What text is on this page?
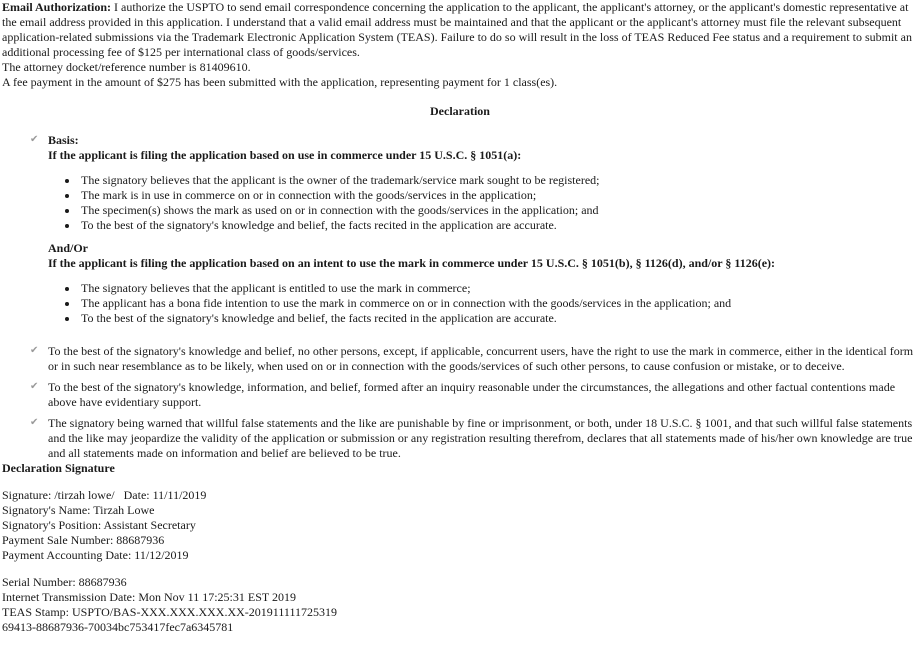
Email Authorization: I authorize the USPTO to send email correspondence concerning the application to the applicant, the applicant's attorney, or the applicant's domestic representative at the email address provided in this application. I understand that a valid email address must be maintained and that the applicant or the applicant's attorney must file the relevant subsequent application-related submissions via the Trademark Electronic Application System (TEAS). Failure to do so will result in the loss of TEAS Reduced Fee status and a requirement to submit an additional processing fee of $125 per international class of goods/services.

The attorney docket/reference number is 81409610.

A fee payment in the amount of $275 has been submitted with the application, representing payment for 1 class(es).

Declaration
✔ Basis:
If the applicant is filing the application based on use in commerce under 15 U.S.C. § 1051(a):
• The signatory believes that the applicant is the owner of the trademark/service mark sought to be registered;
• The mark is in use in commerce on or in connection with the goods/services in the application;
• The specimen(s) shows the mark as used on or in connection with the goods/services in the application; and
• To the best of the signatory's knowledge and belief, the facts recited in the application are accurate.
And/Or
If the applicant is filing the application based on an intent to use the mark in commerce under 15 U.S.C. § 1051(b), § 1126(d), and/or § 1126(e):
• The signatory believes that the applicant is entitled to use the mark in commerce;
• The applicant has a bona fide intention to use the mark in commerce on or in connection with the goods/services in the application; and
• To the best of the signatory's knowledge and belief, the facts recited in the application are accurate.
✔ To the best of the signatory's knowledge and belief, no other persons, except, if applicable, concurrent users, have the right to use the mark in commerce, either in the identical form or in such near resemblance as to be likely, when used on or in connection with the goods/services of such other persons, to cause confusion or mistake, or to deceive.
✔ To the best of the signatory's knowledge, information, and belief, formed after an inquiry reasonable under the circumstances, the allegations and other factual contentions made above have evidentiary support.
✔ The signatory being warned that willful false statements and the like are punishable by fine or imprisonment, or both, under 18 U.S.C. § 1001, and that such willful false statements and the like may jeopardize the validity of the application or submission or any registration resulting therefrom, declares that all statements made of his/her own knowledge are true and all statements made on information and belief are believed to be true.
Declaration Signature
Signature: /tirzah lowe/   Date: 11/11/2019
Signatory's Name: Tirzah Lowe
Signatory's Position: Assistant Secretary
Payment Sale Number: 88687936
Payment Accounting Date: 11/12/2019
Serial Number: 88687936
Internet Transmission Date: Mon Nov 11 17:25:31 EST 2019
TEAS Stamp: USPTO/BAS-XXX.XXX.XXX.XX-201911111725319
69413-88687936-70034bc753417fec7a6345781
